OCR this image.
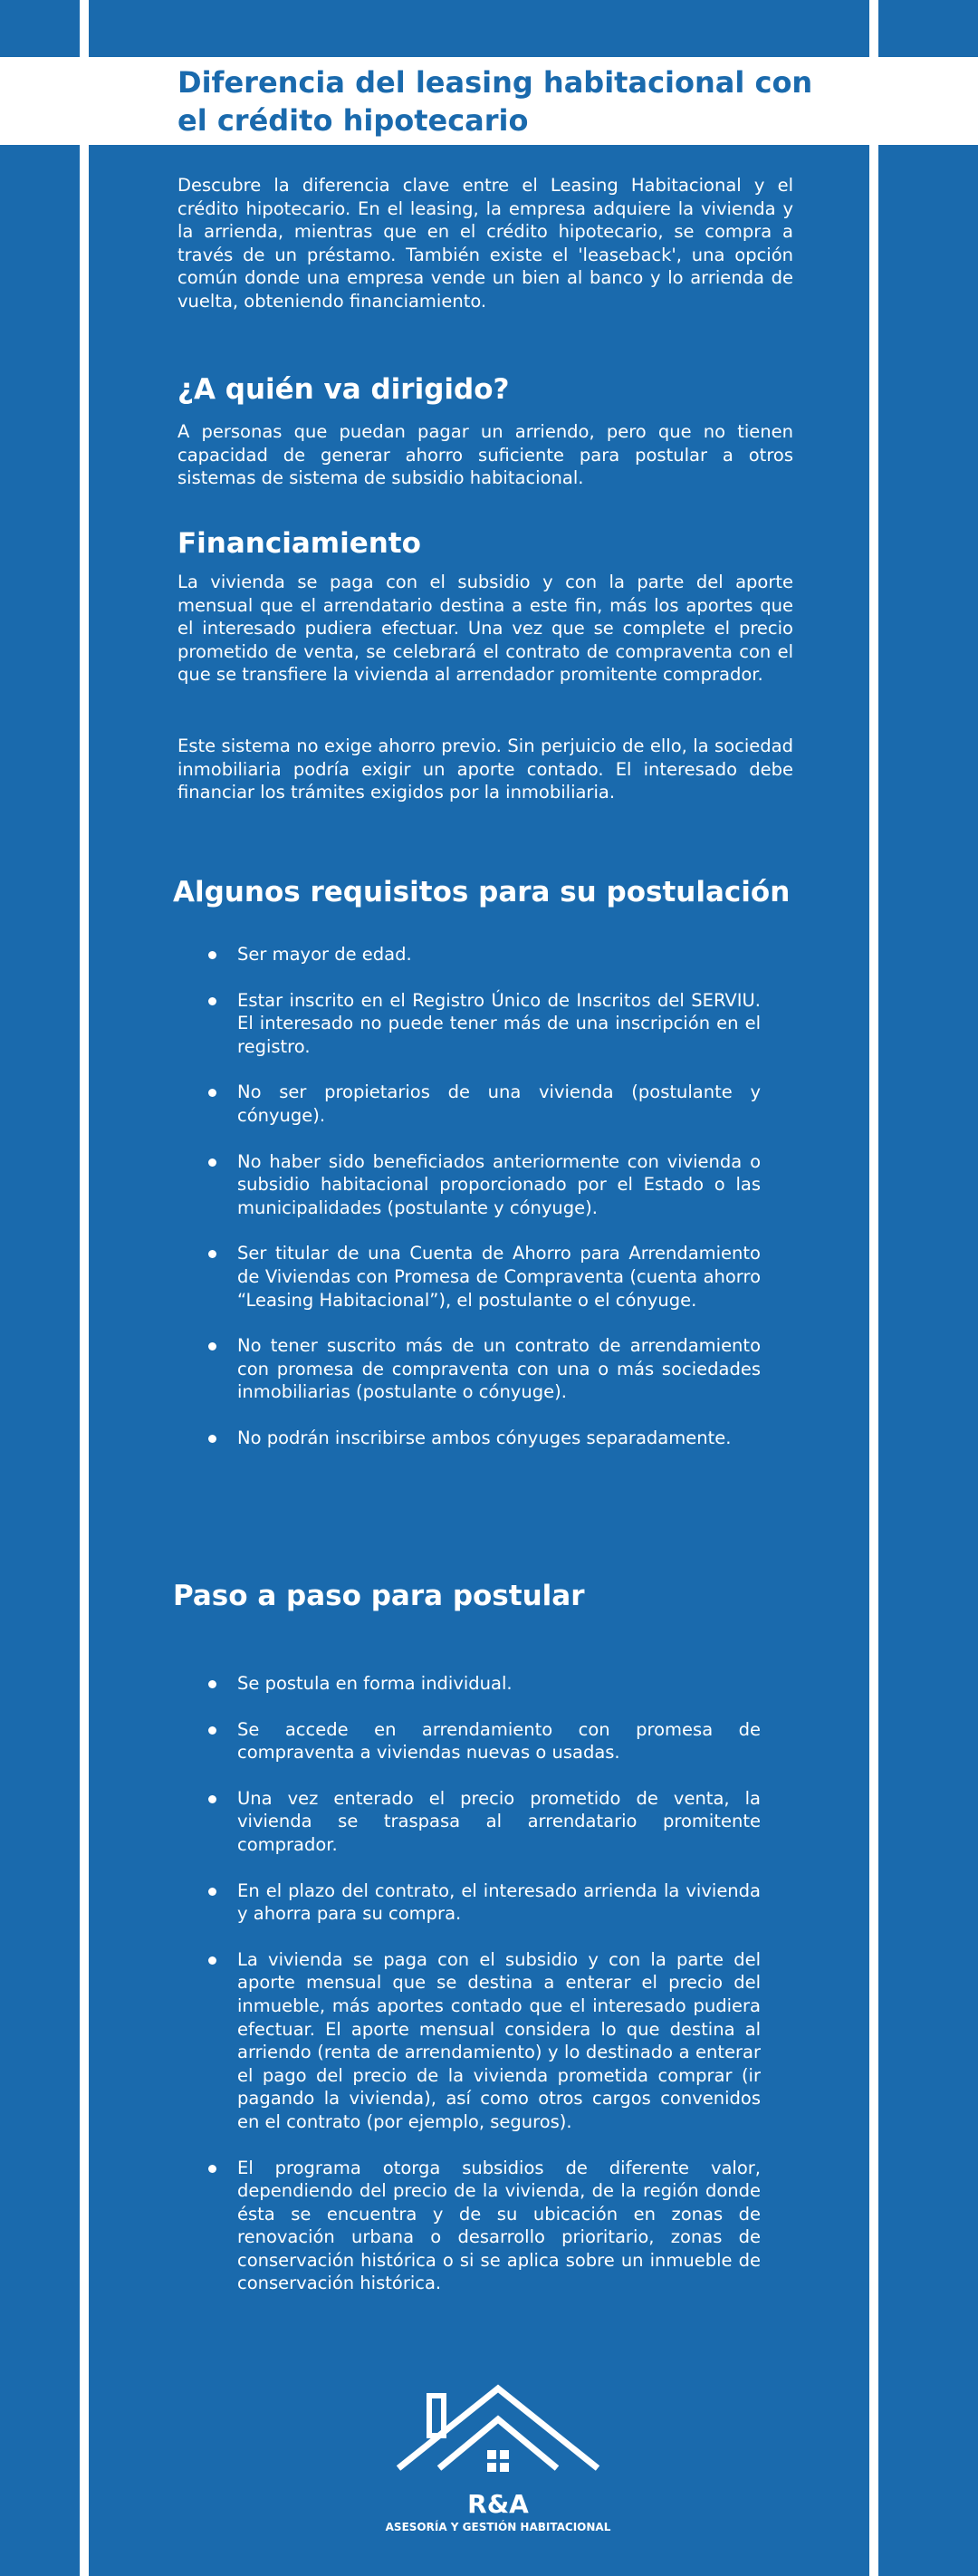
Diferencia del leasing habitacional con el crédito hipotecario

Descubre la diferencia clave entre el Leasing Habitacional y el crédito hipotecario. En el leasing, la empresa adquiere la vivienda y la arrienda, mientras que en el crédito hipotecario, se compra a través de un préstamo. También existe el 'leaseback', una opción común donde una empresa vende un bien al banco y lo arrienda de vuelta, obteniendo financiamiento.

¿A quién va dirigido?

A personas que puedan pagar un arriendo, pero que no tienen capacidad de generar ahorro suficiente para postular a otros sistemas de sistema de subsidio habitacional.

Financiamiento

La vivienda se paga con el subsidio y con la parte del aporte mensual que el arrendatario destina a este fin, más los aportes que el interesado pudiera efectuar. Una vez que se complete el precio prometido de venta, se celebrará el contrato de compraventa con el que se transfiere la vivienda al arrendador promitente comprador.

Este sistema no exige ahorro previo. Sin perjuicio de ello, la sociedad inmobiliaria podría exigir un aporte contado. El interesado debe financiar los trámites exigidos por la inmobiliaria.

Algunos requisitos para su postulación
Ser mayor de edad.
Estar inscrito en el Registro Único de Inscritos del SERVIU. El interesado no puede tener más de una inscripción en el registro.
No ser propietarios de una vivienda (postulante y cónyuge).
No haber sido beneficiados anteriormente con vivienda o subsidio habitacional proporcionado por el Estado o las municipalidades (postulante y cónyuge).
Ser titular de una Cuenta de Ahorro para Arrendamiento de Viviendas con Promesa de Compraventa (cuenta ahorro “Leasing Habitacional”), el postulante o el cónyuge.
No tener suscrito más de un contrato de arrendamiento con promesa de compraventa con una o más sociedades inmobiliarias (postulante o cónyuge).
No podrán inscribirse ambos cónyuges separadamente.
Paso a paso para postular
Se postula en forma individual.
Se accede en arrendamiento con promesa de compraventa a viviendas nuevas o usadas.
Una vez enterado el precio prometido de venta, la vivienda se traspasa al arrendatario promitente comprador.
En el plazo del contrato, el interesado arrienda la vivienda y ahorra para su compra.
La vivienda se paga con el subsidio y con la parte del aporte mensual que se destina a enterar el precio del inmueble, más aportes contado que el interesado pudiera efectuar. El aporte mensual considera lo que destina al arriendo (renta de arrendamiento) y lo destinado a enterar el pago del precio de la vivienda prometida comprar (ir pagando la vivienda), así como otros cargos convenidos en el contrato (por ejemplo, seguros).
El programa otorga subsidios de diferente valor, dependiendo del precio de la vivienda, de la región donde ésta se encuentra y de su ubicación en zonas de renovación urbana o desarrollo prioritario, zonas de conservación histórica o si se aplica sobre un inmueble de conservación histórica.

R&A

ASESORÍA Y GESTIÓN HABITACIONAL
